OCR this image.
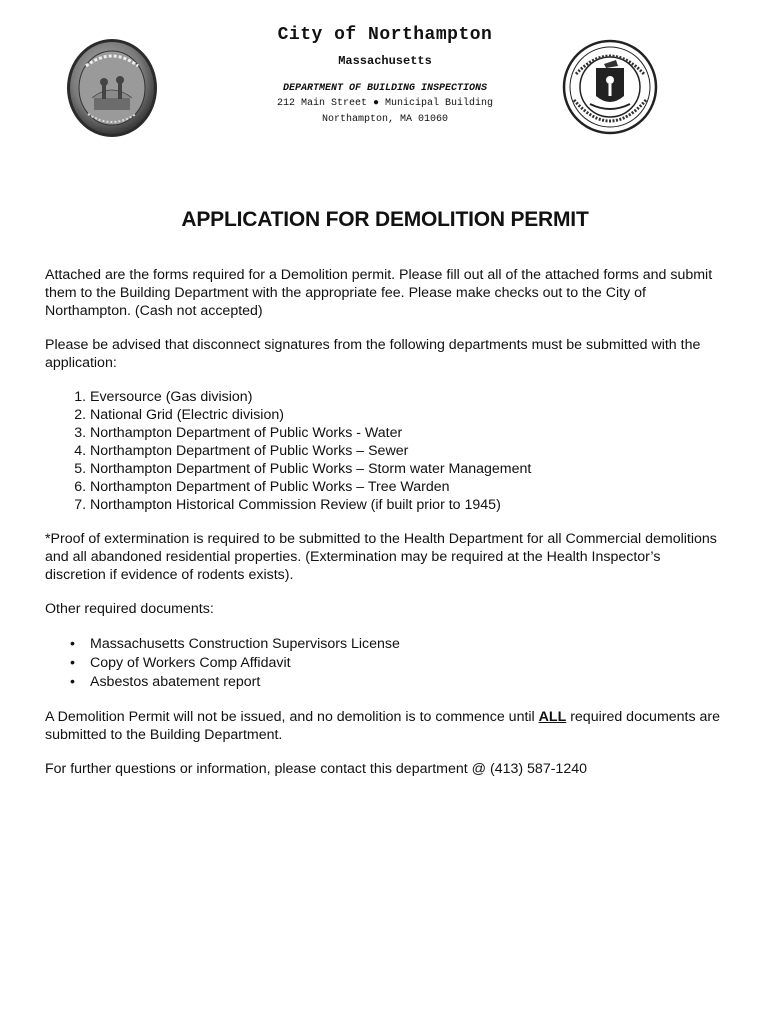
City of Northampton
Massachusetts
DEPARTMENT OF BUILDING INSPECTIONS
212 Main Street ● Municipal Building
Northampton, MA 01060
APPLICATION FOR DEMOLITION PERMIT

Attached are the forms required for a Demolition permit. Please fill out all of the attached forms and submit them to the Building Department with the appropriate fee. Please make checks out to the City of Northampton. (Cash not accepted)

Please be advised that disconnect signatures from the following departments must be submitted with the application:

1. Eversource (Gas division)
2. National Grid (Electric division)
3. Northampton Department of Public Works - Water
4. Northampton Department of Public Works – Sewer
5. Northampton Department of Public Works – Storm water Management
6. Northampton Department of Public Works – Tree Warden
7. Northampton Historical Commission Review (if built prior to 1945)

*Proof of extermination is required to be submitted to the Health Department for all Commercial demolitions and all abandoned residential properties. (Extermination may be required at the Health Inspector’s discretion if evidence of rodents exists).

Other required documents:

• Massachusetts Construction Supervisors License
• Copy of Workers Comp Affidavit
• Asbestos abatement report

A Demolition Permit will not be issued, and no demolition is to commence until ALL required documents are submitted to the Building Department.

For further questions or information, please contact this department @ (413) 587-1240
